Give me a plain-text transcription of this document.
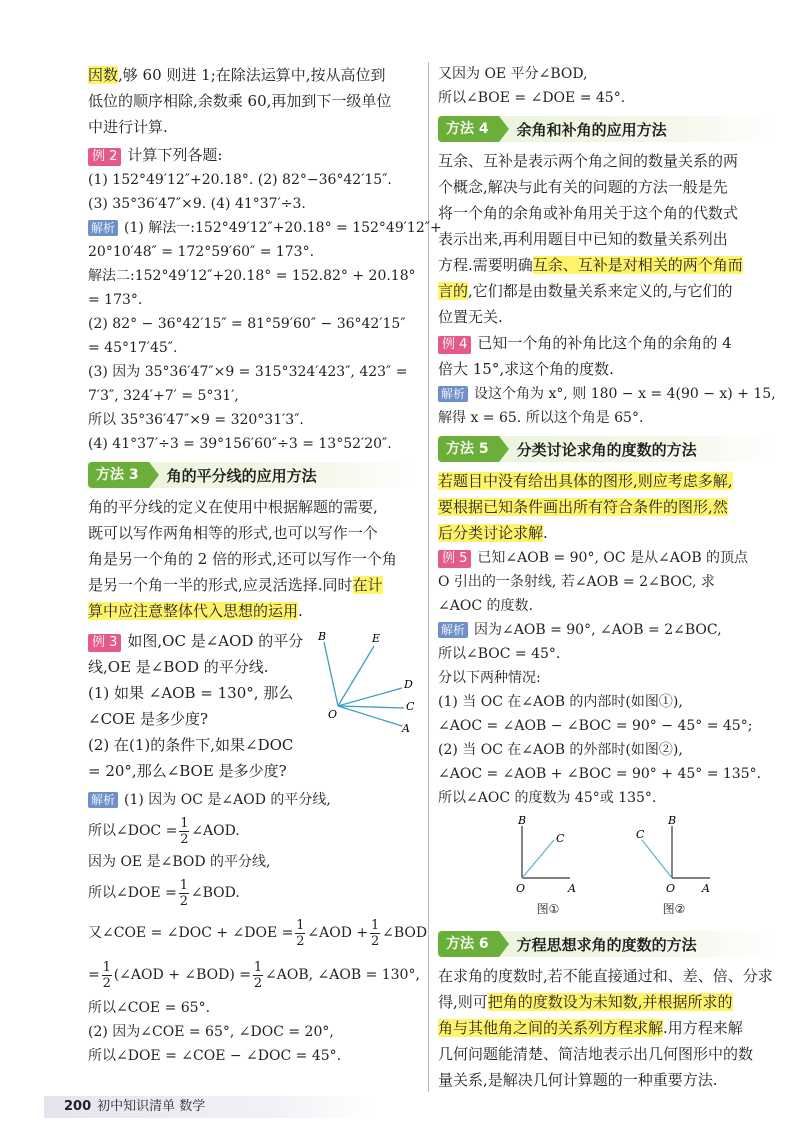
因数,够 60 则进 1;在除法运算中,按从高位到

低位的顺序相除,余数乘 60,再加到下一级单位

中进行计算.

例 2 计算下列各题:

(1) 152°49′12″+20.18°. (2) 82°−36°42′15″.

(3) 35°36′47″×9. (4) 41°37′÷3.

解析 (1) 解法一:152°49′12″+20.18° = 152°49′12″+

20°10′48″ = 172°59′60″ = 173°.

解法二:152°49′12″+20.18° = 152.82° + 20.18°

= 173°.

(2) 82° − 36°42′15″ = 81°59′60″ − 36°42′15″

= 45°17′45″.

(3) 因为 35°36′47″×9 = 315°324′423″, 423″ =

7′3″, 324′+7′ = 5°31′,

所以 35°36′47″×9 = 320°31′3″.

(4) 41°37′÷3 = 39°156′60″÷3 = 13°52′20″.

方法 3	角的平分线的应用方法

角的平分线的定义在使用中根据解题的需要,

既可以写作两角相等的形式,也可以写作一个

角是另一个角的 2 倍的形式,还可以写作一个角

是另一个角一半的形式,应灵活选择.同时在计

算中应注意整体代入思想的运用.

例 3 如图,OC 是∠AOD 的平分

线,OE 是∠BOD 的平分线.

(1) 如果 ∠AOB = 130°, 那么

∠COE 是多少度?

(2) 在(1)的条件下,如果∠DOC

= 20°,那么∠BOE 是多少度?

B	E
D
C
A
O

解析 (1) 因为 OC 是∠AOD 的平分线,

所以∠DOC = $\frac{1}{2}$ ∠AOD.

因为 OE 是∠BOD 的平分线,

所以∠DOE = $\frac{1}{2}$ ∠BOD.

又∠COE = ∠DOC + ∠DOE = $\frac{1}{2}$ ∠AOD + $\frac{1}{2}$ ∠BOD

= $\frac{1}{2}$ (∠AOD + ∠BOD) = $\frac{1}{2}$ ∠AOB, ∠AOB = 130°,

所以∠COE = 65°.

(2) 因为∠COE = 65°, ∠DOC = 20°,

所以∠DOE = ∠COE − ∠DOC = 45°.

又因为 OE 平分∠BOD,

所以∠BOE = ∠DOE = 45°.

方法 4	余角和补角的应用方法

互余、互补是表示两个角之间的数量关系的两

个概念,解决与此有关的问题的方法一般是先

将一个角的余角或补角用关于这个角的代数式

表示出来,再利用题目中已知的数量关系列出

方程.需要明确互余、互补是对相关的两个角而

言的,它们都是由数量关系来定义的,与它们的

位置无关.

例 4 已知一个角的补角比这个角的余角的 4

倍大 15°,求这个角的度数.

解析 设这个角为 x°, 则 180 − x = 4(90 − x) + 15,

解得 x = 65. 所以这个角是 65°.

方法 5	分类讨论求角的度数的方法

若题目中没有给出具体的图形,则应考虑多解,

要根据已知条件画出所有符合条件的图形,然

后分类讨论求解.

例 5 已知∠AOB = 90°, OC 是从∠AOB 的顶点

O 引出的一条射线, 若∠AOB = 2∠BOC, 求

∠AOC 的度数.

解析 因为∠AOB = 90°, ∠AOB = 2∠BOC,

所以∠BOC = 45°.

分以下两种情况:

(1) 当 OC 在∠AOB 的内部时(如图①),

∠AOC = ∠AOB − ∠BOC = 90° − 45° = 45°;

(2) 当 OC 在∠AOB 的外部时(如图②),

∠AOC = ∠AOB + ∠BOC = 90° + 45° = 135°.

所以∠AOC 的度数为 45°或 135°.

B
C
O	A
图①
C
B
O A
图②
方法 6	方程思想求角的度数的方法

在求角的度数时,若不能直接通过和、差、倍、分求

得,则可把角的度数设为未知数,并根据所求的

角与其他角之间的关系列方程求解.用方程来解

几何问题能清楚、简洁地表示出几何图形中的数

量关系,是解决几何计算题的一种重要方法.

200 初中知识清单 数学
